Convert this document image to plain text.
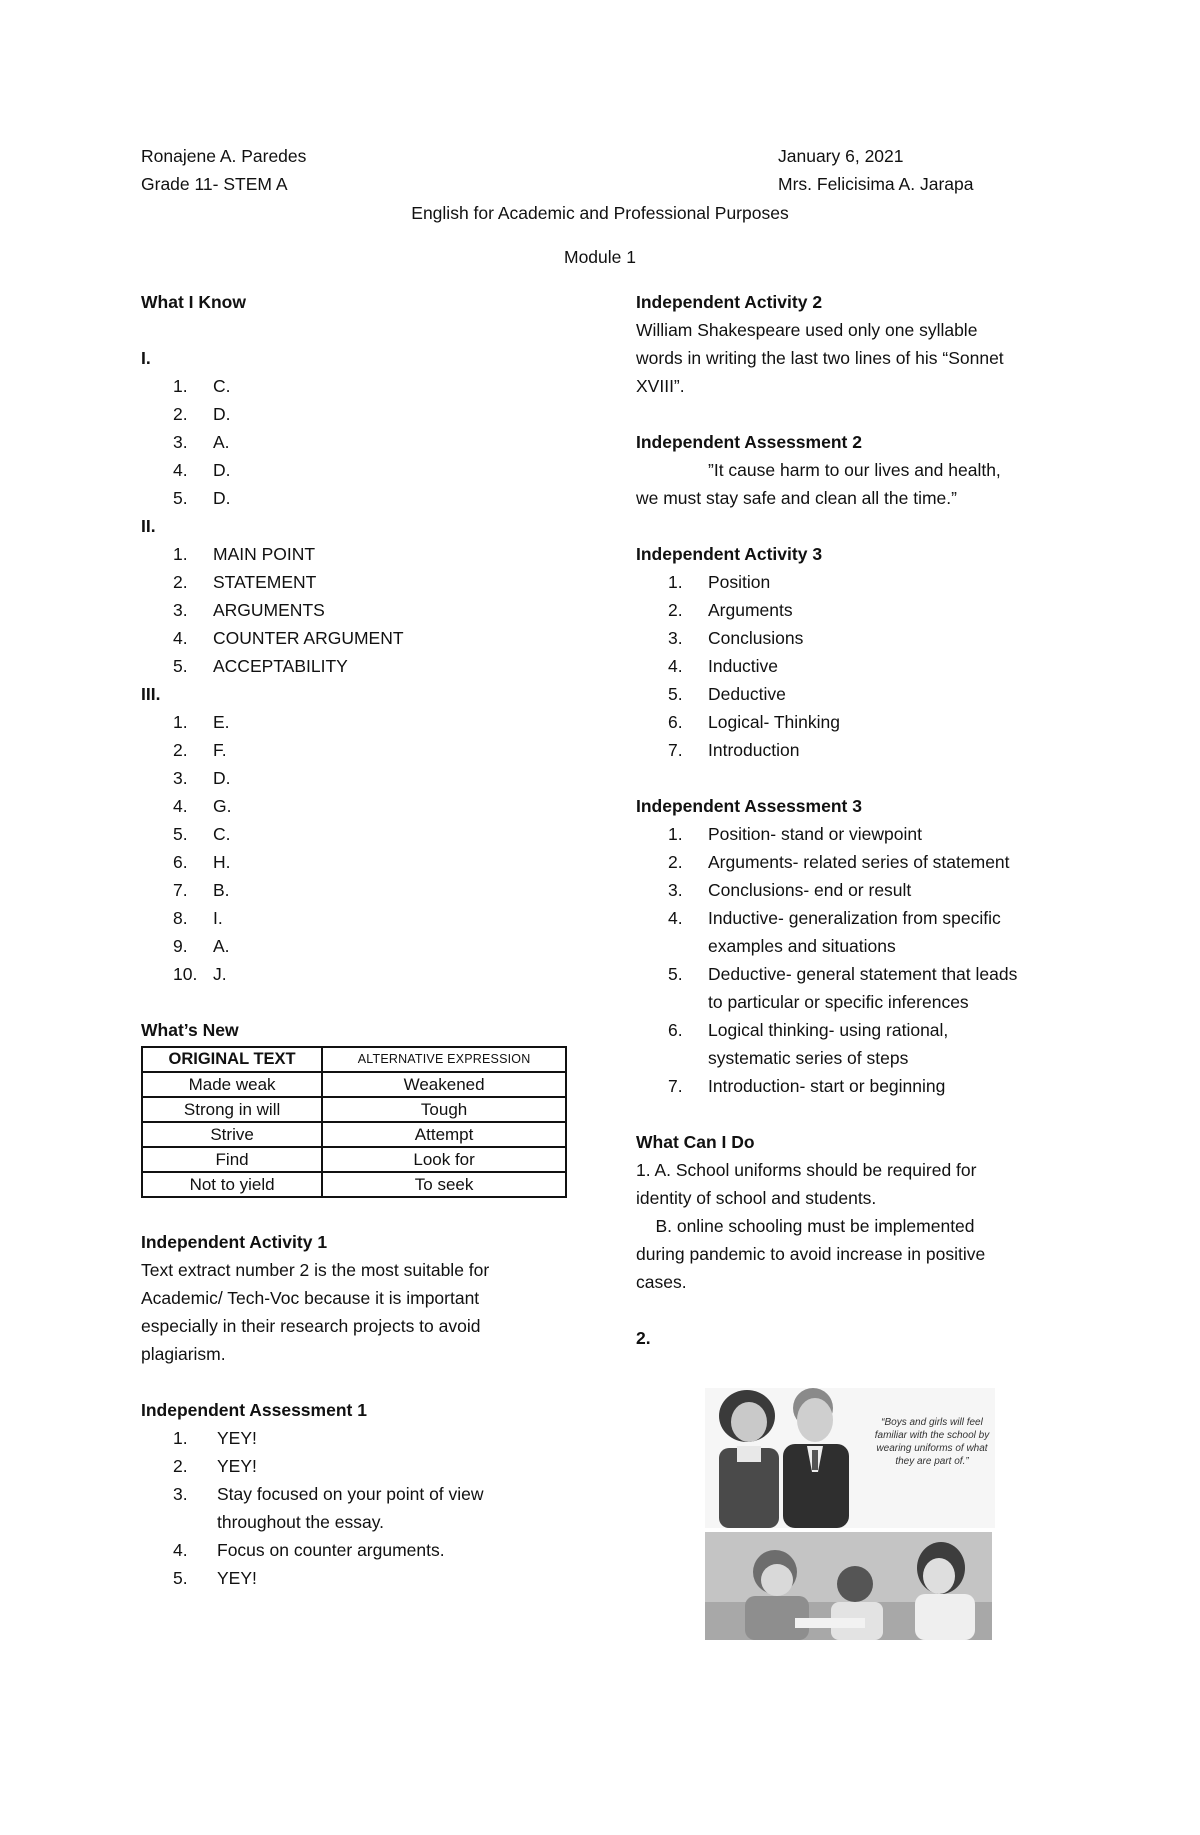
Ronajene A. Paredes
Grade 11- STEM A
January 6, 2021
Mrs. Felicisima A. Jarapa
English for Academic and Professional Purposes
Module 1

What I Know

I.

1. C.
2. D.
3. A.
4. D.
5. D.

II.

1. MAIN POINT
2. STATEMENT
3. ARGUMENTS
4. COUNTER ARGUMENT
5. ACCEPTABILITY

III.

1. E.
2. F.
3. D.
4. G.
5. C.
6. H.
7. B.
8. I.
9. A.
10. J.

What’s New

ORIGINAL TEXT	ALTERNATIVE EXPRESSION
Made weak	Weakened
Strong in will	Tough
Strive	Attempt
Find	Look for
Not to yield	To seek

Independent Activity 1

Text extract number 2 is the most suitable for

Academic/ Tech-Voc because it is important

especially in their research projects to avoid

plagiarism.

Independent Assessment 1

1. YEY!
2. YEY!
3. Stay focused on your point of view
throughout the essay.
4. Focus on counter arguments.
5. YEY!

Independent Activity 2

William Shakespeare used only one syllable

words in writing the last two lines of his “Sonnet

XVIII”.

Independent Assessment 2

”It cause harm to our lives and health,

we must stay safe and clean all the time.”

Independent Activity 3

1. Position
2. Arguments
3. Conclusions
4. Inductive
5. Deductive
6. Logical- Thinking
7. Introduction

Independent Assessment 3

1. Position- stand or viewpoint
2. Arguments- related series of statement
3. Conclusions- end or result
4. Inductive- generalization from specific
examples and situations
5. Deductive- general statement that leads
to particular or specific inferences
6. Logical thinking- using rational,
systematic series of steps
7. Introduction- start or beginning

What Can I Do

1. A. School uniforms should be required for

identity of school and students.

B. online schooling must be implemented

during pandemic to avoid increase in positive

cases.

2.

“Boys and girls will feel familiar with the school by wearing uniforms of what they are part of.”
